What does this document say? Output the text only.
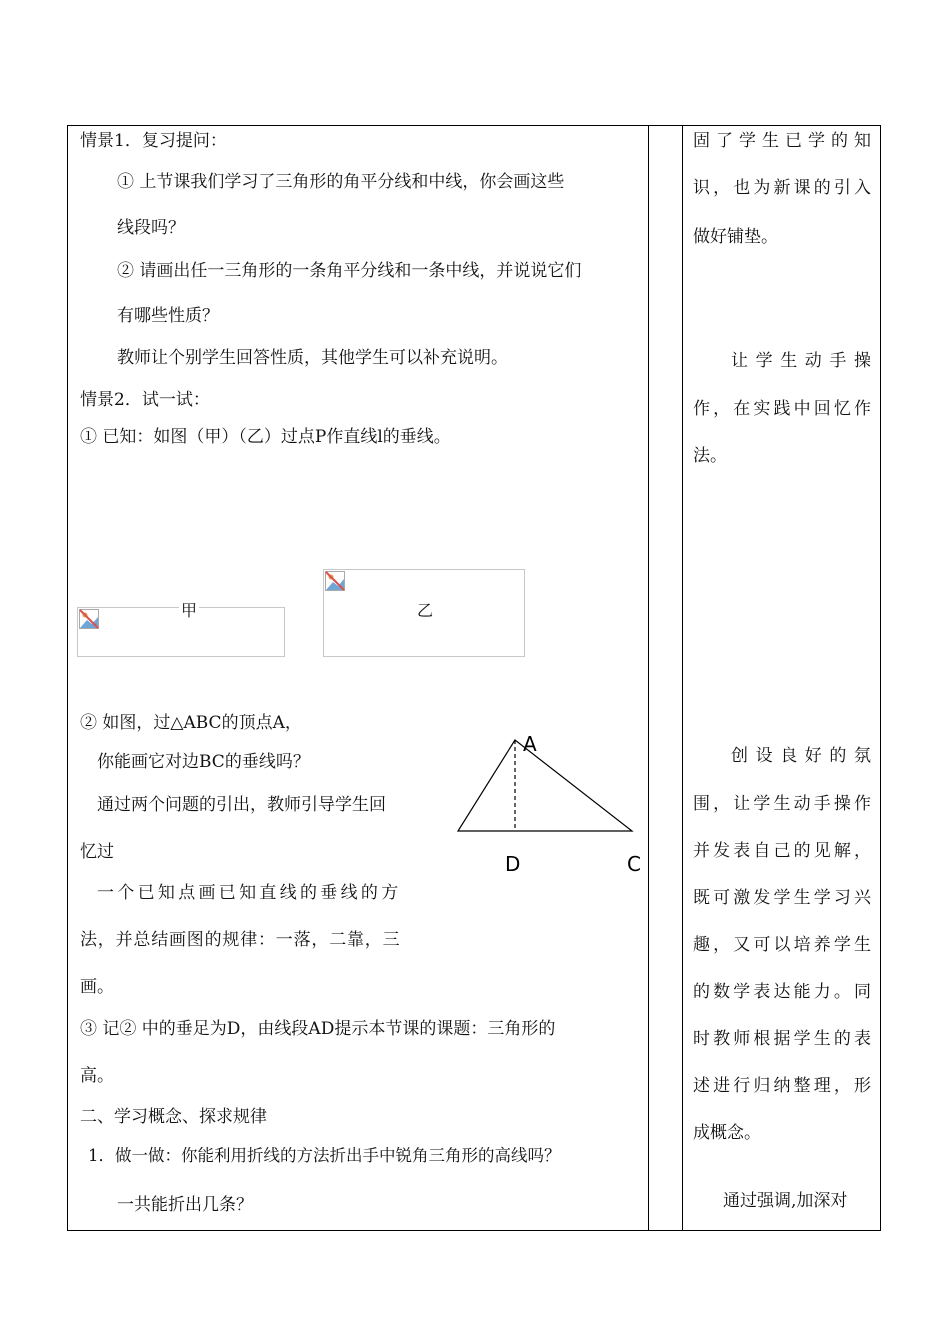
情景1．复习提问：
① 上节课我们学习了三角形的角平分线和中线，你会画这些
线段吗？
② 请画出任一三角形的一条角平分线和一条中线，并说说它们
有哪些性质？
教师让个别学生回答性质，其他学生可以补充说明。
情景2．试一试：
① 已知：如图（甲）（乙）过点P作直线l的垂线。
甲	乙
② 如图，过△ABC的顶点A，
你能画它对边BC的垂线吗？
通过两个问题的引出，教师引导学生回
忆过
一个已知点画已知直线的垂线的方
法，并总结画图的规律：一落，二靠，三
画。
③ 记② 中的垂足为D，由线段AD提示本节课的课题：三角形的
高。
二、学习概念、探求规律
1．做一做：你能利用折线的方法折出手中锐角三角形的高线吗？
一共能折出几条？
A
D	C
固 了 学 生 已 学 的 知
识 ， 也 为 新 课 的 引 入
做好铺垫。
让 学 生 动 手 操
作 ， 在 实 践 中 回 忆 作
法。
创 设 良 好 的 氛
围 ， 让 学 生 动 手 操 作
并 发 表 自 己 的 见 解 ，
既 可 激 发 学 生 学 习 兴
趣 ， 又 可 以 培 养 学 生
的 数 学 表 达 能 力 。 同
时 教 师 根 据 学 生 的 表
述 进 行 归 纳 整 理 ， 形
成概念。
通过强调,加深对
